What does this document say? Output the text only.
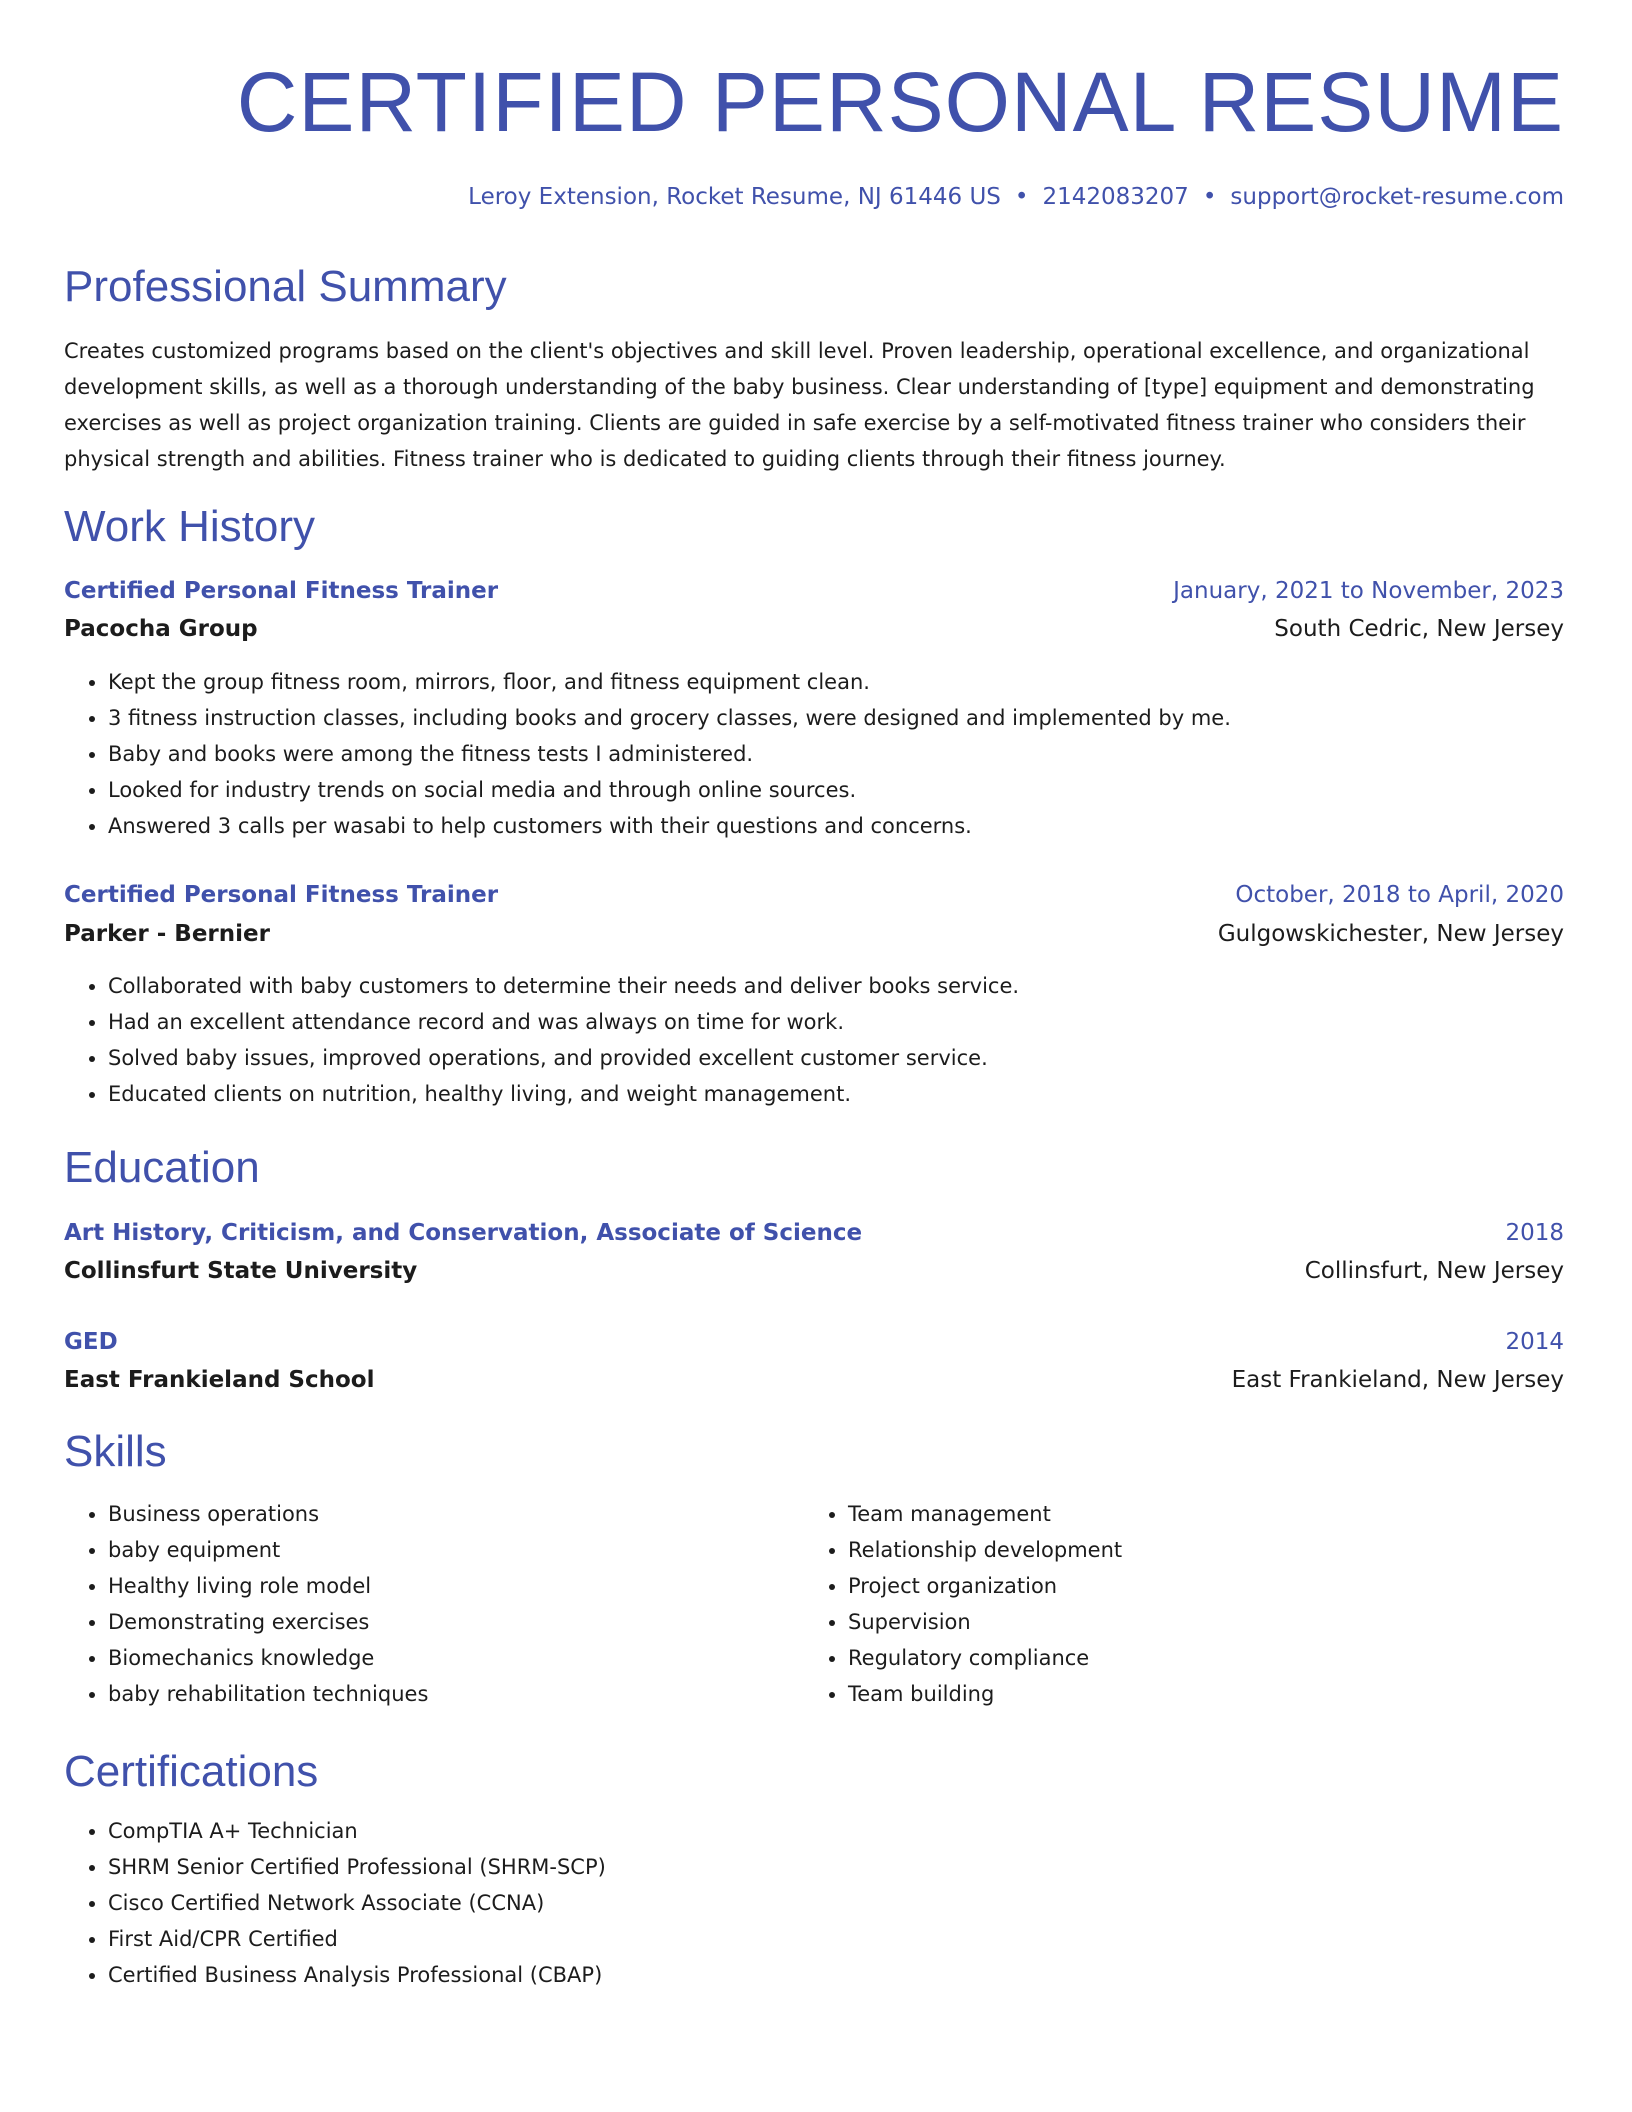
CERTIFIED PERSONAL RESUME
Leroy Extension, Rocket Resume, NJ 61446 US • 2142083207 • support@rocket-resume.com
Professional Summary

Creates customized programs based on the client's objectives and skill level. Proven leadership, operational excellence, and organizational development skills, as well as a thorough understanding of the baby business. Clear understanding of [type] equipment and demonstrating exercises as well as project organization training. Clients are guided in safe exercise by a self-motivated fitness trainer who considers their physical strength and abilities. Fitness trainer who is dedicated to guiding clients through their fitness journey.

Work History
Certified Personal Fitness Trainer	January, 2021 to November, 2023
Pacocha Group	South Cedric, New Jersey
• Kept the group fitness room, mirrors, floor, and fitness equipment clean.
• 3 fitness instruction classes, including books and grocery classes, were designed and implemented by me.
• Baby and books were among the fitness tests I administered.
• Looked for industry trends on social media and through online sources.
• Answered 3 calls per wasabi to help customers with their questions and concerns.
Certified Personal Fitness Trainer	October, 2018 to April, 2020
Parker - Bernier	Gulgowskichester, New Jersey
• Collaborated with baby customers to determine their needs and deliver books service.
• Had an excellent attendance record and was always on time for work.
• Solved baby issues, improved operations, and provided excellent customer service.
• Educated clients on nutrition, healthy living, and weight management.
Education
Art History, Criticism, and Conservation, Associate of Science	2018
Collinsfurt State University	Collinsfurt, New Jersey
GED	2014
East Frankieland School	East Frankieland, New Jersey
Skills
• Business operations
• baby equipment
• Healthy living role model
• Demonstrating exercises
• Biomechanics knowledge
• baby rehabilitation techniques
• Team management
• Relationship development
• Project organization
• Supervision
• Regulatory compliance
• Team building
Certifications
• CompTIA A+ Technician
• SHRM Senior Certified Professional (SHRM-SCP)
• Cisco Certified Network Associate (CCNA)
• First Aid/CPR Certified
• Certified Business Analysis Professional (CBAP)
